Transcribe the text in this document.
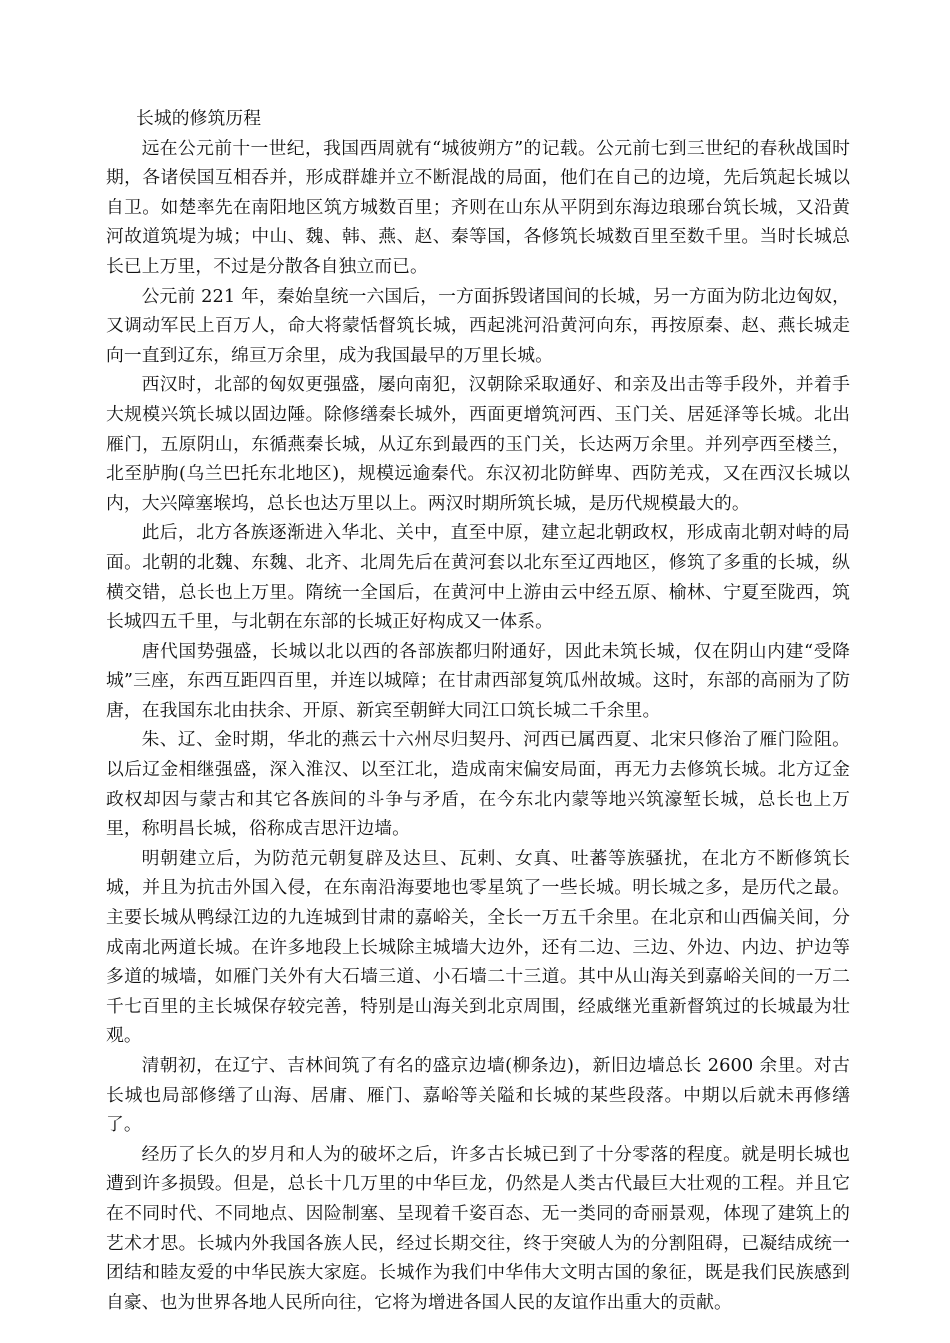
长城的修筑历程

远在公元前十一世纪，我国西周就有“城彼朔方”的记载。公元前七到三世纪的春秋战国时期，各诸侯国互相吞并，形成群雄并立不断混战的局面，他们在自己的边境，先后筑起长城以自卫。如楚率先在南阳地区筑方城数百里；齐则在山东从平阴到东海边琅琊台筑长城，又沿黄河故道筑堤为城；中山、魏、韩、燕、赵、秦等国，各修筑长城数百里至数千里。当时长城总长已上万里，不过是分散各自独立而已。

公元前 221 年，秦始皇统一六国后，一方面拆毁诸国间的长城，另一方面为防北边匈奴，又调动军民上百万人，命大将蒙恬督筑长城，西起洮河沿黄河向东，再按原秦、赵、燕长城走向一直到辽东，绵亘万余里，成为我国最早的万里长城。

西汉时，北部的匈奴更强盛，屡向南犯，汉朝除采取通好、和亲及出击等手段外，并着手大规模兴筑长城以固边陲。除修缮秦长城外，西面更增筑河西、玉门关、居延泽等长城。北出雁门，五原阴山，东循燕秦长城，从辽东到最西的玉门关，长达两万余里。并列亭西至楼兰，北至胪朐(乌兰巴托东北地区)，规模远逾秦代。东汉初北防鲜卑、西防羌戎，又在西汉长城以内，大兴障塞堠坞，总长也达万里以上。两汉时期所筑长城，是历代规模最大的。

此后，北方各族逐渐进入华北、关中，直至中原，建立起北朝政权，形成南北朝对峙的局面。北朝的北魏、东魏、北齐、北周先后在黄河套以北东至辽西地区，修筑了多重的长城，纵横交错，总长也上万里。隋统一全国后，在黄河中上游由云中经五原、榆林、宁夏至陇西，筑长城四五千里，与北朝在东部的长城正好构成又一体系。

唐代国势强盛，长城以北以西的各部族都归附通好，因此未筑长城，仅在阴山内建“受降城”三座，东西互距四百里，并连以城障；在甘肃西部复筑瓜州故城。这时，东部的高丽为了防唐，在我国东北由扶余、开原、新宾至朝鲜大同江口筑长城二千余里。

朱、辽、金时期，华北的燕云十六州尽归契丹、河西已属西夏、北宋只修治了雁门险阻。以后辽金相继强盛，深入淮汉、以至江北，造成南宋偏安局面，再无力去修筑长城。北方辽金政权却因与蒙古和其它各族间的斗争与矛盾，在今东北内蒙等地兴筑濠堑长城，总长也上万里，称明昌长城，俗称成吉思汗边墙。

明朝建立后，为防范元朝复辟及达旦、瓦剌、女真、吐蕃等族骚扰，在北方不断修筑长城，并且为抗击外国入侵，在东南沿海要地也零星筑了一些长城。明长城之多，是历代之最。主要长城从鸭绿江边的九连城到甘肃的嘉峪关，全长一万五千余里。在北京和山西偏关间，分成南北两道长城。在许多地段上长城除主城墙大边外，还有二边、三边、外边、内边、护边等多道的城墙，如雁门关外有大石墙三道、小石墙二十三道。其中从山海关到嘉峪关间的一万二千七百里的主长城保存较完善，特别是山海关到北京周围，经戚继光重新督筑过的长城最为壮观。

清朝初，在辽宁、吉林间筑了有名的盛京边墙(柳条边)，新旧边墙总长 2600 余里。对古长城也局部修缮了山海、居庸、雁门、嘉峪等关隘和长城的某些段落。中期以后就未再修缮了。

经历了长久的岁月和人为的破坏之后，许多古长城已到了十分零落的程度。就是明长城也遭到许多损毁。但是，总长十几万里的中华巨龙，仍然是人类古代最巨大壮观的工程。并且它在不同时代、不同地点、因险制塞、呈现着千姿百态、无一类同的奇丽景观，体现了建筑上的艺术才思。长城内外我国各族人民，经过长期交往，终于突破人为的分割阻碍，已凝结成统一团结和睦友爱的中华民族大家庭。长城作为我们中华伟大文明古国的象征，既是我们民族感到自豪、也为世界各地人民所向往，它将为增进各国人民的友谊作出重大的贡献。
